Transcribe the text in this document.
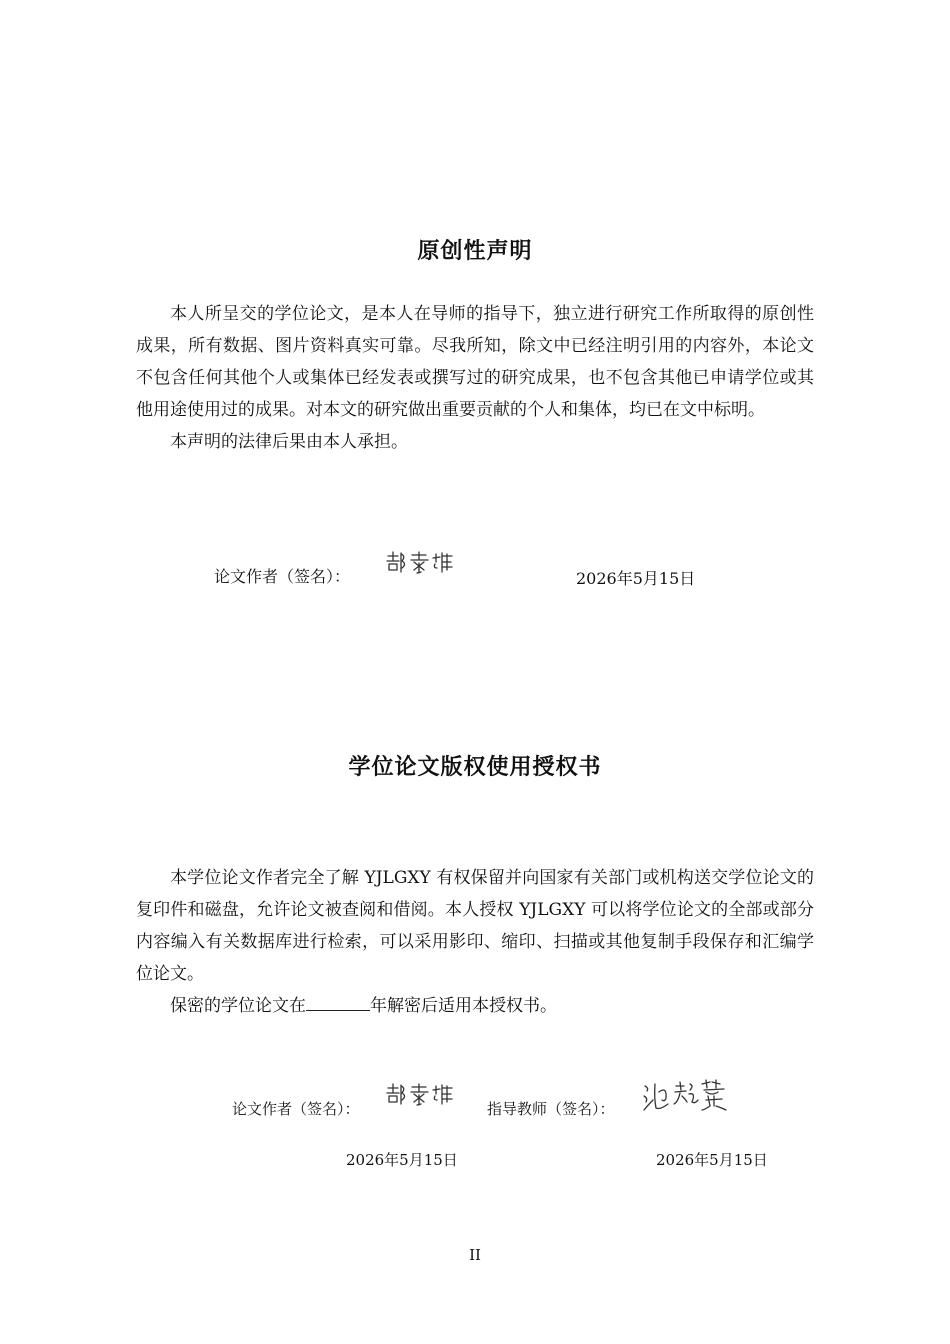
原创性声明

本人所呈交的学位论文，是本人在导师的指导下，独立进行研究工作所取得的原创性成果，所有数据、图片资料真实可靠。尽我所知，除文中已经注明引用的内容外，本论文不包含任何其他个人或集体已经发表或撰写过的研究成果，也不包含其他已申请学位或其他用途使用过的成果。对本文的研究做出重要贡献的个人和集体，均已在文中标明。

本声明的法律后果由本人承担。

论文作者（签名）：	2026年5月15日
学位论文版权使用授权书

本学位论文作者完全了解 YJLGXY 有权保留并向国家有关部门或机构送交学位论文的复印件和磁盘，允许论文被查阅和借阅。本人授权 YJLGXY 可以将学位论文的全部或部分内容编入有关数据库进行检索，可以采用影印、缩印、扫描或其他复制手段保存和汇编学位论文。

保密的学位论文在	年解密后适用本授权书。

论文作者（签名）：	指导教师（签名）：
2026年5月15日	2026年5月15日
II
